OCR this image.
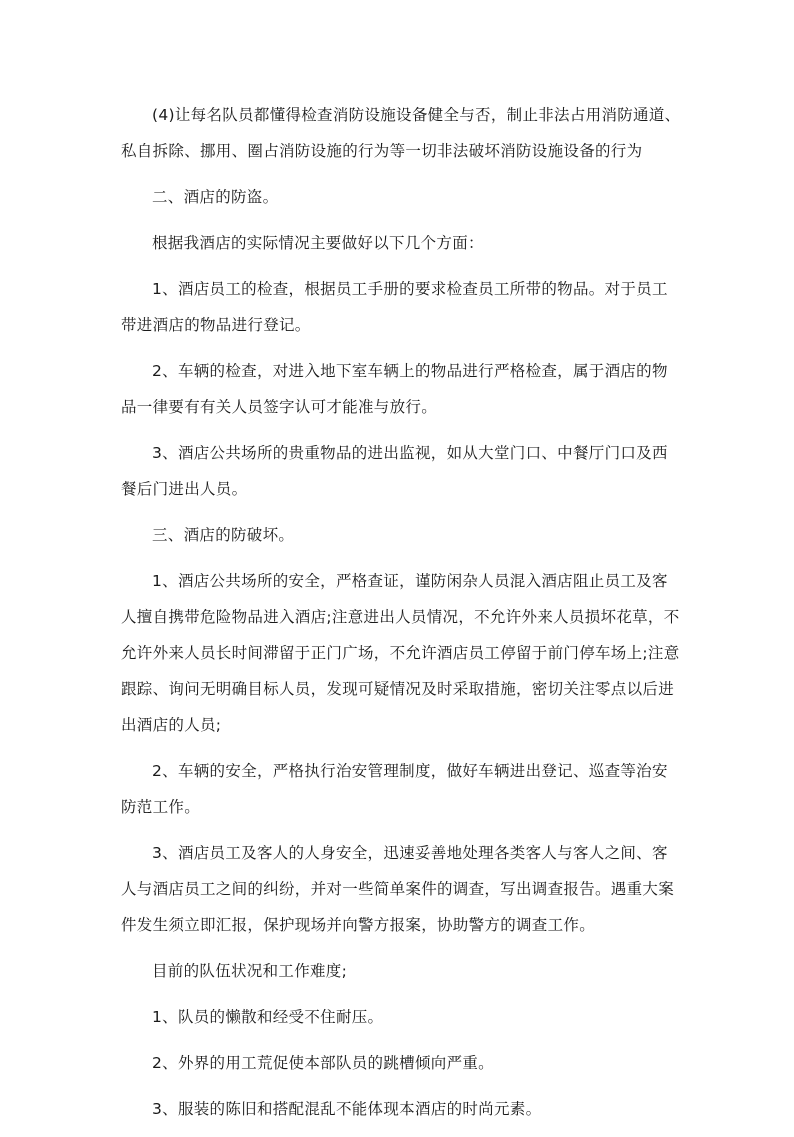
(4)让每名队员都懂得检查消防设施设备健全与否，制止非法占用消防通道、私自拆除、挪用、圈占消防设施的行为等一切非法破坏消防设施设备的行为

二、酒店的防盗。

根据我酒店的实际情况主要做好以下几个方面：

1、酒店员工的检查，根据员工手册的要求检查员工所带的物品。对于员工带进酒店的物品进行登记。

2、车辆的检查，对进入地下室车辆上的物品进行严格检查，属于酒店的物品一律要有有关人员签字认可才能准与放行。

3、酒店公共场所的贵重物品的进出监视，如从大堂门口、中餐厅门口及西餐后门进出人员。

三、酒店的防破坏。

1、酒店公共场所的安全，严格查证，谨防闲杂人员混入酒店阻止员工及客人擅自携带危险物品进入酒店;注意进出人员情况，不允许外来人员损坏花草，不允许外来人员长时间滞留于正门广场，不允许酒店员工停留于前门停车场上;注意跟踪、询问无明确目标人员，发现可疑情况及时采取措施，密切关注零点以后进出酒店的人员;

2、车辆的安全，严格执行治安管理制度，做好车辆进出登记、巡查等治安防范工作。

3、酒店员工及客人的人身安全，迅速妥善地处理各类客人与客人之间、客人与酒店员工之间的纠纷，并对一些简单案件的调查，写出调查报告。遇重大案件发生须立即汇报，保护现场并向警方报案，协助警方的调查工作。

目前的队伍状况和工作难度;

1、队员的懒散和经受不住耐压。

2、外界的用工荒促使本部队员的跳槽倾向严重。

3、服装的陈旧和搭配混乱不能体现本酒店的时尚元素。
